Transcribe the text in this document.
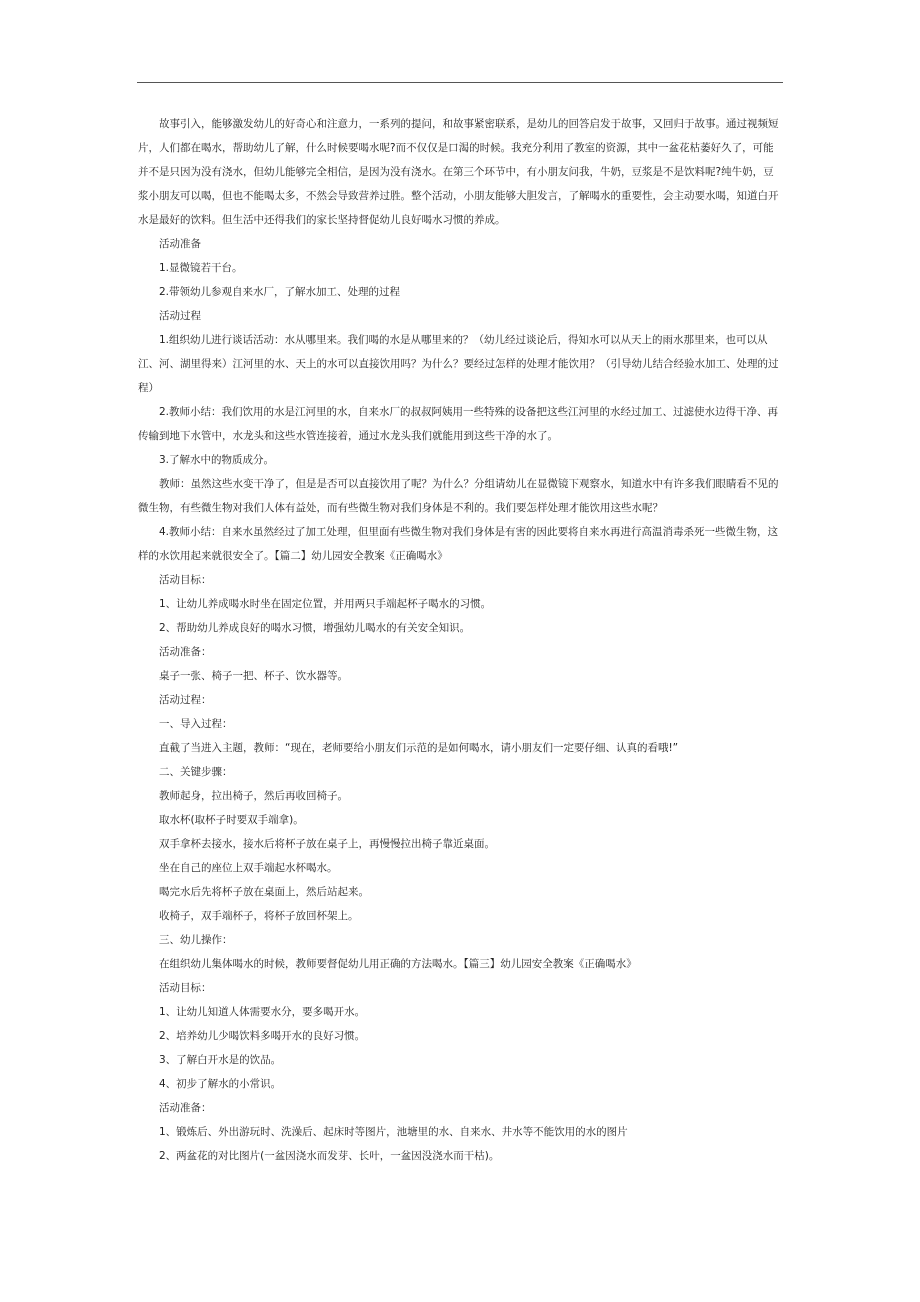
故事引入，能够激发幼儿的好奇心和注意力，一系列的提问，和故事紧密联系，是幼儿的回答启发于故事，又回归于故事。通过视频短片，人们都在喝水，帮助幼儿了解，什么时候要喝水呢?而不仅仅是口渴的时候。我充分利用了教室的资源，其中一盆花枯萎好久了，可能并不是只因为没有浇水，但幼儿能够完全相信，是因为没有浇水。在第三个环节中，有小朋友问我，牛奶，豆浆是不是饮料呢?纯牛奶，豆浆小朋友可以喝，但也不能喝太多，不然会导致营养过胜。整个活动，小朋友能够大胆发言，了解喝水的重要性，会主动要水喝，知道白开水是最好的饮料。但生活中还得我们的家长坚持督促幼儿良好喝水习惯的养成。

活动准备

1.显微镜若干台。

2.带领幼儿参观自来水厂，了解水加工、处理的过程

活动过程

1.组织幼儿进行谈话活动：水从哪里来。我们喝的水是从哪里来的？（幼儿经过谈论后，得知水可以从天上的雨水那里来，也可以从江、河、湖里得来）江河里的水、天上的水可以直接饮用吗？为什么？要经过怎样的处理才能饮用？（引导幼儿结合经验水加工、处理的过程）

2.教师小结：我们饮用的水是江河里的水，自来水厂的叔叔阿姨用一些特殊的设备把这些江河里的水经过加工、过滤使水边得干净、再传输到地下水管中，水龙头和这些水管连接着，通过水龙头我们就能用到这些干净的水了。

3.了解水中的物质成分。

教师：虽然这些水变干净了，但是是否可以直接饮用了呢？为什么？分组请幼儿在显微镜下观察水，知道水中有许多我们眼睛看不见的微生物，有些微生物对我们人体有益处，而有些微生物对我们身体是不利的。我们要怎样处理才能饮用这些水呢？

4.教师小结：自来水虽然经过了加工处理，但里面有些微生物对我们身体是有害的因此要将自来水再进行高温消毒杀死一些微生物，这样的水饮用起来就很安全了。【篇二】幼儿园安全教案《正确喝水》

活动目标：

1、让幼儿养成喝水时坐在固定位置，并用两只手端起杯子喝水的习惯。

2、帮助幼儿养成良好的喝水习惯，增强幼儿喝水的有关安全知识。

活动准备：

桌子一张、椅子一把、杯子、饮水器等。

活动过程：

一、导入过程：

直截了当进入主题，教师：“现在，老师要给小朋友们示范的是如何喝水，请小朋友们一定要仔细、认真的看哦!”

二、关键步骤：

教师起身，拉出椅子，然后再收回椅子。

取水杯(取杯子时要双手端拿)。

双手拿杯去接水，接水后将杯子放在桌子上，再慢慢拉出椅子靠近桌面。

坐在自己的座位上双手端起水杯喝水。

喝完水后先将杯子放在桌面上，然后站起来。

收椅子，双手端杯子，将杯子放回杯架上。

三、幼儿操作：

在组织幼儿集体喝水的时候，教师要督促幼儿用正确的方法喝水。【篇三】幼儿园安全教案《正确喝水》

活动目标：

1、让幼儿知道人体需要水分，要多喝开水。

2、培养幼儿少喝饮料多喝开水的良好习惯。

3、了解白开水是的饮品。

4、初步了解水的小常识。

活动准备：

1、锻炼后、外出游玩时、洗澡后、起床时等图片，池塘里的水、自来水、井水等不能饮用的水的图片

2、两盆花的对比图片(一盆因浇水而发芽、长叶，一盆因没浇水而干枯)。
